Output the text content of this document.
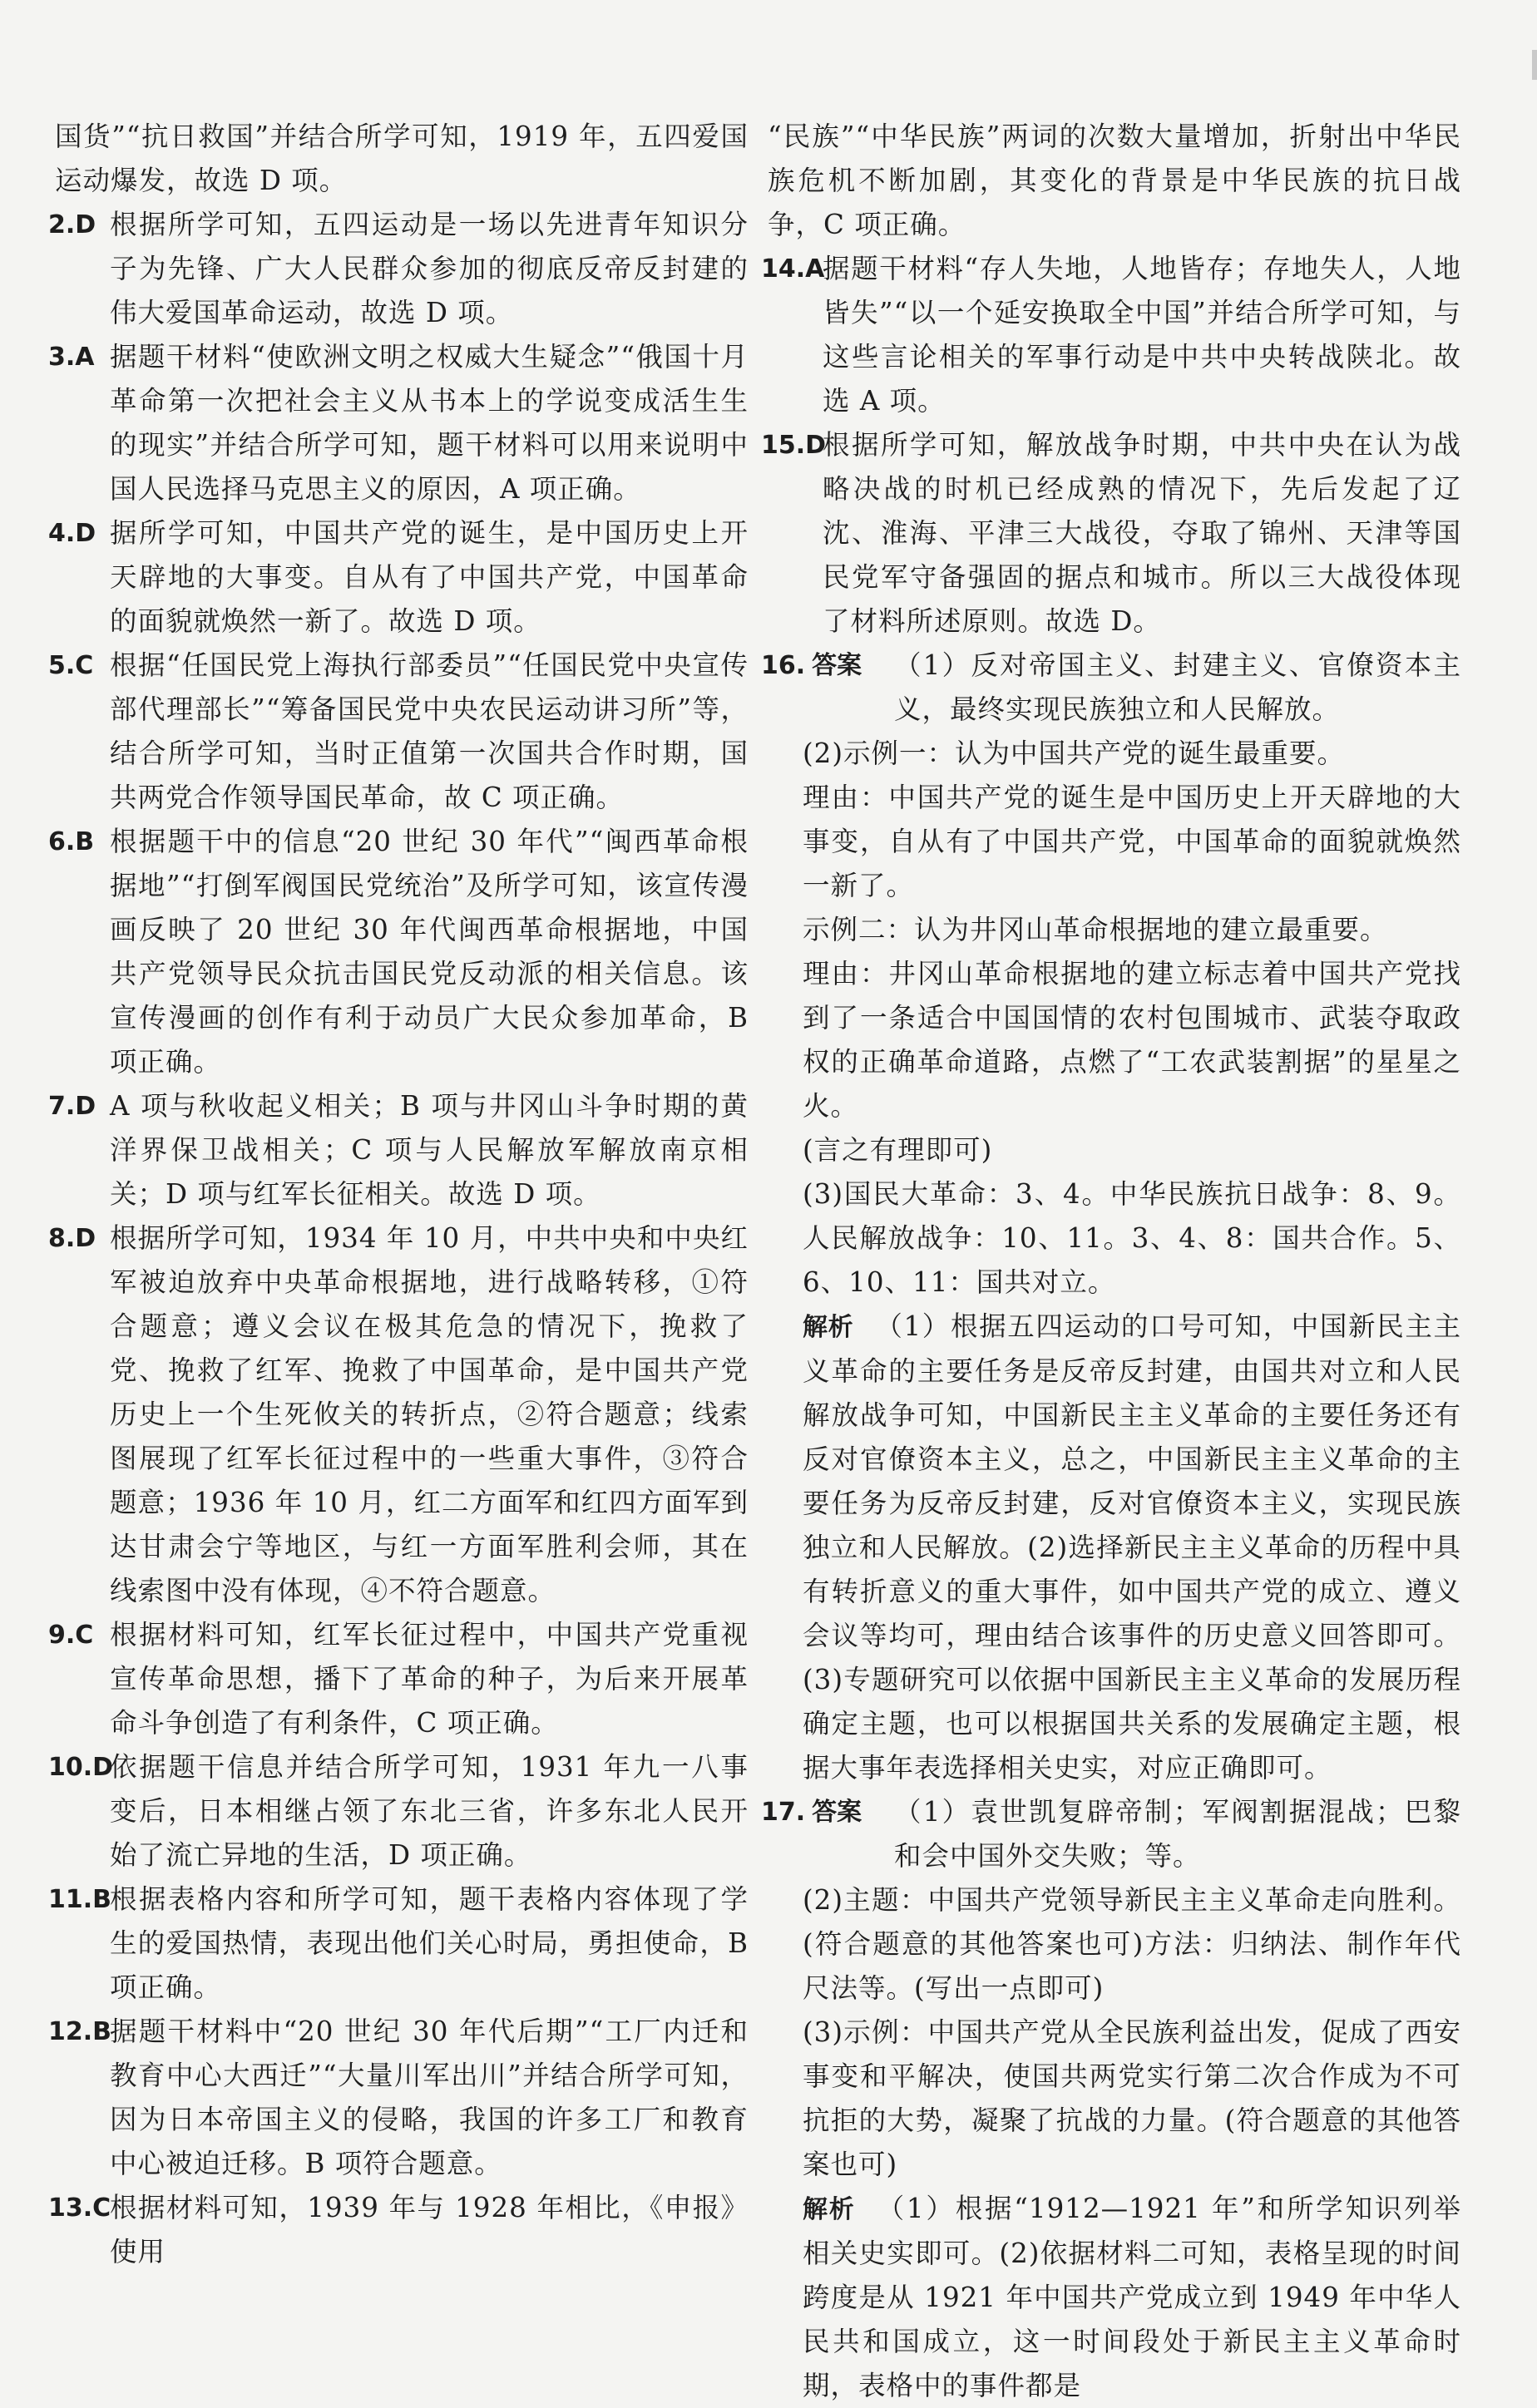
国货”“抗日救国”并结合所学可知，1919 年，五四爱国运动爆发，故选 D 项。

2.D 根据所学可知，五四运动是一场以先进青年知识分子为先锋、广大人民群众参加的彻底反帝反封建的伟大爱国革命运动，故选 D 项。
3.A 据题干材料“使欧洲文明之权威大生疑念”“俄国十月革命第一次把社会主义从书本上的学说变成活生生的现实”并结合所学可知，题干材料可以用来说明中国人民选择马克思主义的原因，A 项正确。
4.D 据所学可知，中国共产党的诞生，是中国历史上开天辟地的大事变。自从有了中国共产党，中国革命的面貌就焕然一新了。故选 D 项。
5.C 根据“任国民党上海执行部委员”“任国民党中央宣传部代理部长”“筹备国民党中央农民运动讲习所”等，结合所学可知，当时正值第一次国共合作时期，国共两党合作领导国民革命，故 C 项正确。
6.B 根据题干中的信息“20 世纪 30 年代”“闽西革命根据地”“打倒军阀国民党统治”及所学可知，该宣传漫画反映了 20 世纪 30 年代闽西革命根据地，中国共产党领导民众抗击国民党反动派的相关信息。该宣传漫画的创作有利于动员广大民众参加革命，B 项正确。
7.D A 项与秋收起义相关；B 项与井冈山斗争时期的黄洋界保卫战相关；C 项与人民解放军解放南京相关；D 项与红军长征相关。故选 D 项。
8.D 根据所学可知，1934 年 10 月，中共中央和中央红军被迫放弃中央革命根据地，进行战略转移，①符合题意；遵义会议在极其危急的情况下，挽救了党、挽救了红军、挽救了中国革命，是中国共产党历史上一个生死攸关的转折点，②符合题意；线索图展现了红军长征过程中的一些重大事件，③符合题意；1936 年 10 月，红二方面军和红四方面军到达甘肃会宁等地区，与红一方面军胜利会师，其在线索图中没有体现，④不符合题意。
9.C 根据材料可知，红军长征过程中，中国共产党重视宣传革命思想，播下了革命的种子，为后来开展革命斗争创造了有利条件，C 项正确。
10.D
依据题干信息并结合所学可知，1931 年九一八事变后，日本相继占领了东北三省，许多东北人民开始了流亡异地的生活，D 项正确。
11.B
根据表格内容和所学可知，题干表格内容体现了学生的爱国热情，表现出他们关心时局，勇担使命，B 项正确。
12.B
据题干材料中“20 世纪 30 年代后期”“工厂内迁和教育中心大西迁”“大量川军出川”并结合所学可知，因为日本帝国主义的侵略，我国的许多工厂和教育中心被迫迁移。B 项符合题意。
13.C
根据材料可知，1939 年与 1928 年相比，《申报》使用

“民族”“中华民族”两词的次数大量增加，折射出中华民族危机不断加剧，其变化的背景是中华民族的抗日战争，C 项正确。

14.A
据题干材料“存人失地，人地皆存；存地失人，人地皆失”“以一个延安换取全中国”并结合所学可知，与这些言论相关的军事行动是中共中央转战陕北。故选 A 项。
15.D
根据所学可知，解放战争时期，中共中央在认为战略决战的时机已经成熟的情况下，先后发起了辽沈、淮海、平津三大战役，夺取了锦州、天津等国民党军守备强固的据点和城市。所以三大战役体现了材料所述原则。故选 D。
16. 答案 （1）反对帝国主义、封建主义、官僚资本主义，最终实现民族独立和人民解放。

(2)示例一：认为中国共产党的诞生最重要。

理由：中国共产党的诞生是中国历史上开天辟地的大事变，自从有了中国共产党，中国革命的面貌就焕然一新了。

示例二：认为井冈山革命根据地的建立最重要。

理由：井冈山革命根据地的建立标志着中国共产党找到了一条适合中国国情的农村包围城市、武装夺取政权的正确革命道路，点燃了“工农武装割据”的星星之火。

(言之有理即可)

(3)国民大革命：3、4。中华民族抗日战争：8、9。人民解放战争：10、11。3、4、8：国共合作。5、6、10、11：国共对立。

解析 （1）根据五四运动的口号可知，中国新民主主义革命的主要任务是反帝反封建，由国共对立和人民解放战争可知，中国新民主主义革命的主要任务还有反对官僚资本主义，总之，中国新民主主义革命的主要任务为反帝反封建，反对官僚资本主义，实现民族独立和人民解放。(2)选择新民主主义革命的历程中具有转折意义的重大事件，如中国共产党的成立、遵义会议等均可，理由结合该事件的历史意义回答即可。(3)专题研究可以依据中国新民主主义革命的发展历程确定主题，也可以根据国共关系的发展确定主题，根据大事年表选择相关史实，对应正确即可。

17. 答案 （1）袁世凯复辟帝制；军阀割据混战；巴黎和会中国外交失败；等。

(2)主题：中国共产党领导新民主主义革命走向胜利。(符合题意的其他答案也可)方法：归纳法、制作年代尺法等。(写出一点即可)

(3)示例：中国共产党从全民族利益出发，促成了西安事变和平解决，使国共两党实行第二次合作成为不可抗拒的大势，凝聚了抗战的力量。(符合题意的其他答案也可)

解析 （1）根据“1912—1921 年”和所学知识列举相关史实即可。(2)依据材料二可知，表格呈现的时间跨度是从 1921 年中国共产党成立到 1949 年中华人民共和国成立，这一时间段处于新民主主义革命时期，表格中的事件都是
